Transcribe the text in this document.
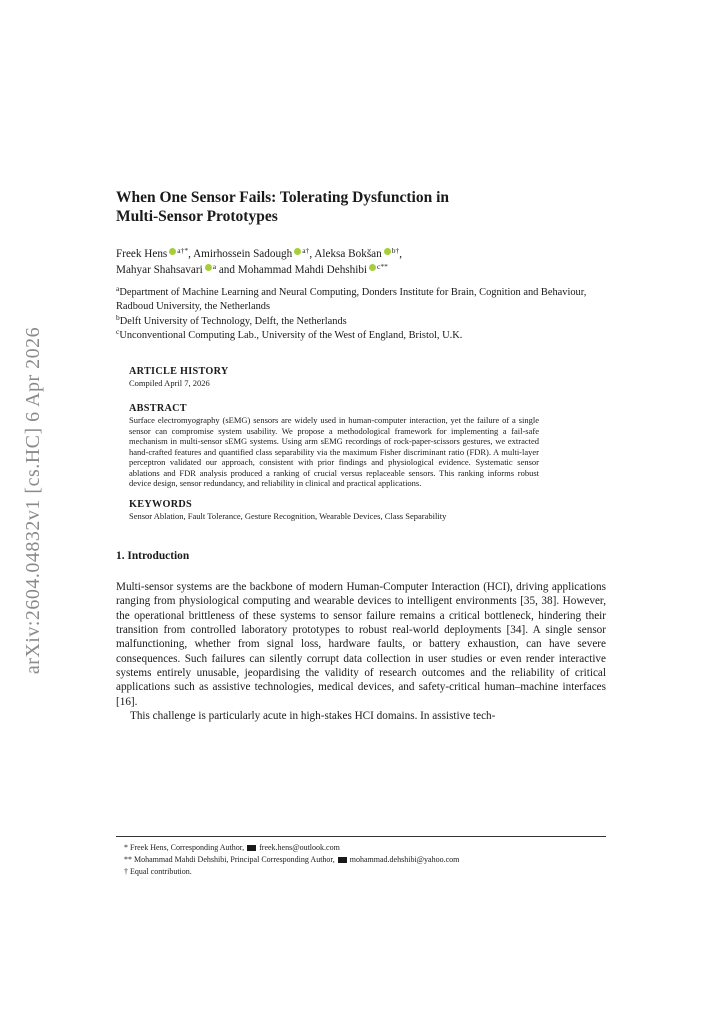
arXiv:2604.04832v1 [cs.HC] 6 Apr 2026
When One Sensor Fails: Tolerating Dysfunction in
Multi-Sensor Prototypes
Freek Hens $^{a\dagger*}$, Amirhossein Sadough $^{a\dagger}$, Aleksa Bokšan $^{b\dagger}$,
Mahyar Shahsavari $^a$ and Mohammad Mahdi Dehshibi $^{c**}$
$^a$Department of Machine Learning and Neural Computing, Donders Institute for Brain, Cognition and Behaviour, Radboud University, the Netherlands
$^b$Delft University of Technology, Delft, the Netherlands
$^c$Unconventional Computing Lab., University of the West of England, Bristol, U.K.
ARTICLE HISTORY
Compiled April 7, 2026
ABSTRACT
Surface electromyography (sEMG) sensors are widely used in human-computer interaction, yet the failure of a single sensor can compromise system usability. We propose a methodological framework for implementing a fail-safe mechanism in multi-sensor sEMG systems. Using arm sEMG recordings of rock-paper-scissors gestures, we extracted hand-crafted features and quantified class separability via the maximum Fisher discriminant ratio (FDR). A multi-layer perceptron validated our approach, consistent with prior findings and physiological evidence. Systematic sensor ablations and FDR analysis produced a ranking of crucial versus replaceable sensors. This ranking informs robust device design, sensor redundancy, and reliability in clinical and practical applications.
KEYWORDS
Sensor Ablation, Fault Tolerance, Gesture Recognition, Wearable Devices, Class Separability
1. Introduction

Multi-sensor systems are the backbone of modern Human-Computer Interaction (HCI), driving applications ranging from physiological computing and wearable devices to intelligent environments [35, 38]. However, the operational brittleness of these systems to sensor failure remains a critical bottleneck, hindering their transition from controlled laboratory prototypes to robust real-world deployments [34]. A single sensor malfunctioning, whether from signal loss, hardware faults, or battery exhaustion, can have severe consequences. Such failures can silently corrupt data collection in user studies or even render interactive systems entirely unusable, jeopardising the validity of research outcomes and the reliability of critical applications such as assistive technologies, medical devices, and safety-critical human–machine interfaces [16].

This challenge is particularly acute in high-stakes HCI domains. In assistive tech-

*
Freek Hens, Corresponding Author, freek.hens@outlook.com
**
Mohammad Mahdi Dehshibi, Principal Corresponding Author, mohammad.dehshibi@yahoo.com
†
Equal contribution.
